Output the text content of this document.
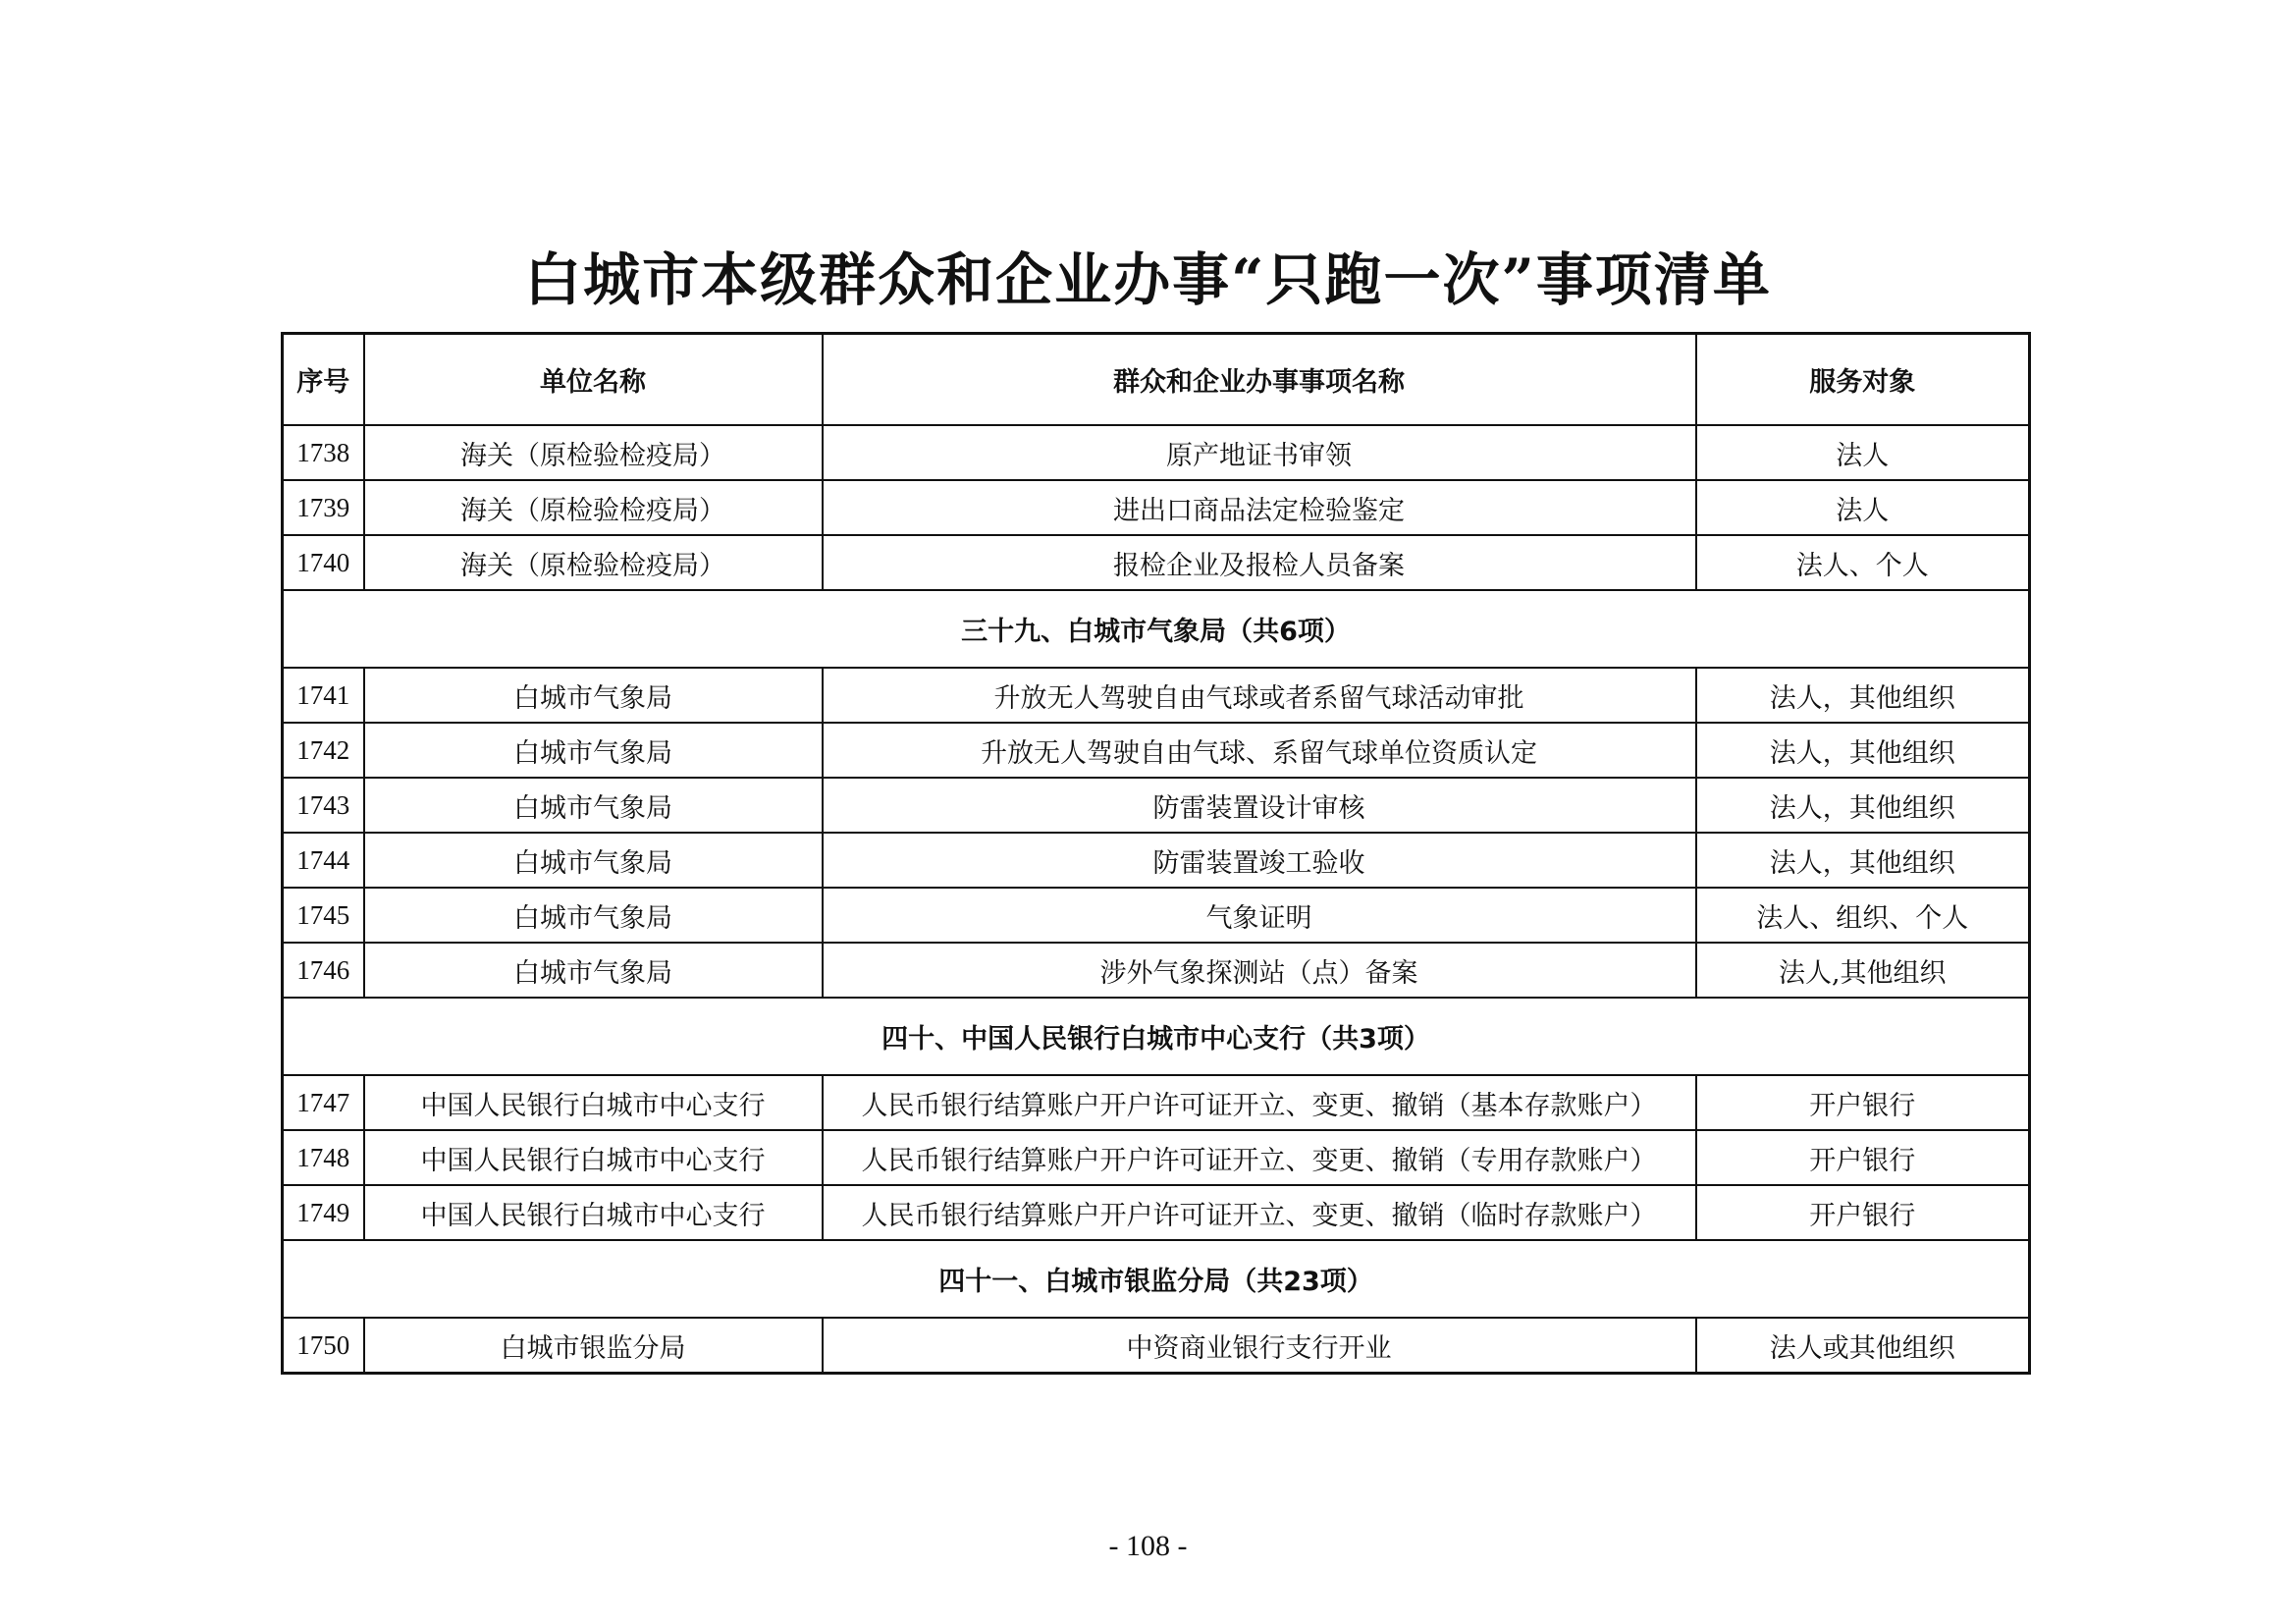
白城市本级群众和企业办事“只跑一次”事项清单
序号	单位名称	群众和企业办事事项名称	服务对象
1738	海关（原检验检疫局）	原产地证书审领	法人
1739	海关（原检验检疫局）	进出口商品法定检验鉴定	法人
1740	海关（原检验检疫局）	报检企业及报检人员备案	法人、个人
三十九、白城市气象局（共6项）			
1741	白城市气象局	升放无人驾驶自由气球或者系留气球活动审批	法人，其他组织
1742	白城市气象局	升放无人驾驶自由气球、系留气球单位资质认定	法人，其他组织
1743	白城市气象局	防雷装置设计审核	法人，其他组织
1744	白城市气象局	防雷装置竣工验收	法人，其他组织
1745	白城市气象局	气象证明	法人、组织、个人
1746	白城市气象局	涉外气象探测站（点）备案	法人,其他组织
四十、中国人民银行白城市中心支行（共3项）			
1747	中国人民银行白城市中心支行	人民币银行结算账户开户许可证开立、变更、撤销（基本存款账户）	开户银行
1748	中国人民银行白城市中心支行	人民币银行结算账户开户许可证开立、变更、撤销（专用存款账户）	开户银行
1749	中国人民银行白城市中心支行	人民币银行结算账户开户许可证开立、变更、撤销（临时存款账户）	开户银行
四十一、白城市银监分局（共23项）			
1750	白城市银监分局	中资商业银行支行开业	法人或其他组织
- 108 -
